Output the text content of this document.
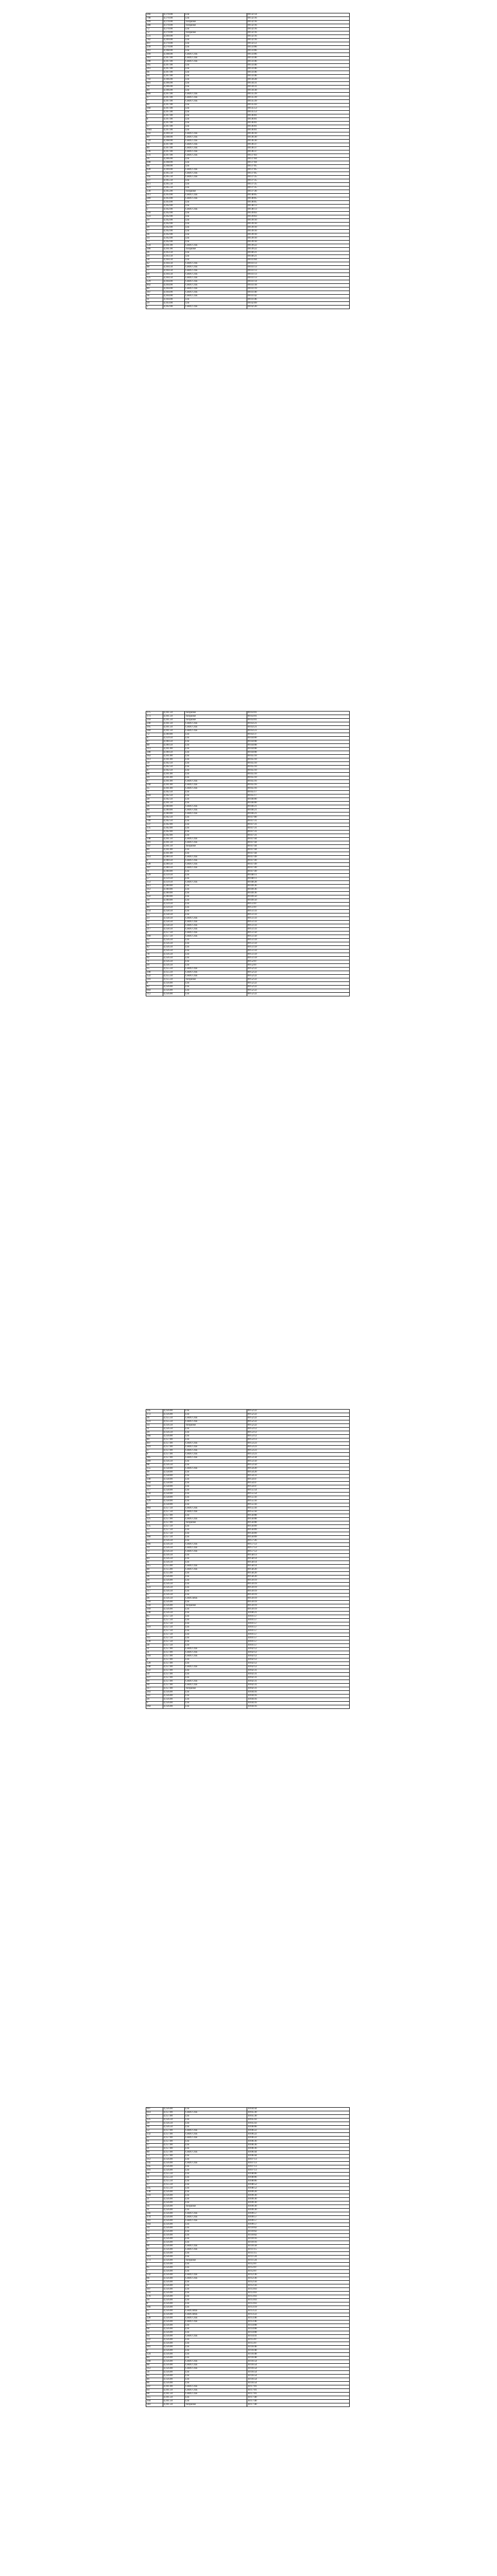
266	4,170.00	LSI	09:32:14
798	4,170.00	LSI	09:32:16
109	4,170.00	Turquoise	09:32:16
388	4,170.00	Turquoise	09:32:16
72	4,170.00	LSI	09:32:16
72	4,170.00	Turquoise	09:32:16
531	4,169.00	LSI	09:32:16
782	4,169.00	LSI	09:32:16
497	4,170.00	LSI	09:32:51
239	4,170.00	LSI	09:33:06
261	4,168.00	LSI	09:33:06
199	4,168.00	CHIX CXE	09:33:06
361	4,167.00	CHIX CXE	09:33:46
398	4,167.00	CHIX CXE	09:33:46
265	4,167.00	LSI	09:33:46
261	4,167.00	LSI	09:33:46
66	4,167.00	LSI	09:33:46
20	4,167.00	LSI	09:33:46
743	4,166.00	LSI	09:34:28
481	4,166.00	LSI	09:34:31
70	4,166.00	LSI	09:34:31
40	4,166.00	LSI	09:34:38
600	4,167.00	CHIX CXE	09:35:39
17	4,167.00	CHIX CXE	09:35:39
7	4,167.00	CHIX CXE	09:35:39
40	4,167.00	LSI	09:35:43
160	4,167.00	LSI	09:35:53
42	4,167.00	LSI	09:35:53
7	4,167.00	LSI	09:36:01
8	4,167.00	LSI	09:36:01
5	4,167.00	LSI	09:36:01
17	4,167.00	LSI	09:36:01
1041	4,167.00	LSI	09:36:01
143	4,169.50	CHIX CXE	09:36:10
49	4,168.00	CHIX CXE	09:36:30
724	4,168.00	CHIX CXE	09:36:30
78	4,167.00	CHIX CXE	09:36:37
40	4,167.00	CHIX CXE	09:36:37
236	4,167.00	CHIX CXE	09:36:37
131	4,167.00	CHIX CXE	09:37:03
26	4,166.00	LSI	09:37:04
698	4,168.00	LSI	09:37:04
48	4,168.00	LSI	09:37:05
628	4,169.00	CHIX CXE	09:37:05
27	4,165.50	CHIX CXE	09:37:05
145	4,165.50	CHIX CXE	09:37:35
227	4,165.50	LSI	09:37:35
411	4,165.50	LSI	09:37:35
121	4,165.50	LSI	09:37:35
130	4,165.00	Turquoise	09:37:36
211	4,163.00	CHIX CXE	09:38:05
289	4,163.00	CHIX CXE	09:38:05
13	4,163.00	LSI	09:38:05
27	4,162.00	LSI	09:38:13
5	4,162.00	CHIX CXE	09:38:13
118	4,162.00	LSI	09:39:03
123	4,162.00	LSI	09:39:03
39	4,162.00	LSI	09:39:10
5	4,162.00	LSI	09:39:10
20	4,162.00	LSI	09:39:10
17	4,162.00	LSI	09:39:10
36	4,162.00	LSI	09:39:10
14	4,162.00	LSI	09:39:10
13	4,162.00	LSI	09:39:10
124	4,161.00	CHIX CXE	09:39:22
306	4,161.00	Turquoise	09:39:22
26	4,163.50	LSI	09:40:21
29	4,163.50	LSI	09:40:21
58	4,164.50	LSI	09:41:04
42	4,164.50	CHIX CXE	09:41:13
48	4,164.50	CHIX CXE	09:41:13
77	4,164.50	CHIX CXE	09:41:13
29	4,164.50	CHIX CXE	09:41:13
125	4,164.50	CHIX CXE	09:41:13
129	4,164.00	CHIX CXE	09:41:14
402	4,164.00	CHIX CXE	09:41:18
40	4,164.00	CHIX CXE	09:41:19
167	4,164.00	CHIX CXE	09:41:40
36	4,164.00	CHIX CXE	09:41:42
11	4,164.00	LSI	09:41:46
29	4,163.00	LSI	09:42:09
5	4,162.00	CHIX CXE	09:42:20
375	4,161.50	Turquoise	09:43:01
173	4,161.50	Turquoise	09:43:01
218	4,161.50	Turquoise	09:43:01
240	4,161.50	CHIX CXE	09:43:21
195	4,161.50	CHIX CXE	09:43:21
184	4,161.50	CHIX CXE	09:43:23
72	4,160.00	LSI	09:43:37
47	4,159.50	LSI	09:44:00
47	4,160.50	LSI	09:44:08
48	4,160.50	LSI	09:44:08
113	4,161.00	LSI	09:44:08
188	4,160.50	LSI	09:44:08
163	4,161.00	LSI	09:45:10
113	4,161.00	LSI	09:45:10
59	4,162.50	LSI	09:45:10
62	4,162.50	LSI	09:45:10
47	4,162.50	LSI	09:45:10
98	4,161.00	LSI	09:45:10
24	4,161.00	LSI	09:45:10
47	4,161.00	CHIX CXE	09:45:16
244	4,161.00	CHIX CXE	09:45:16
35	4,161.00	CHIX CXE	09:45:16
11	4,162.50	LSI	09:45:17
618	4,162.50	LSI	09:45:17
28	4,162.50	LSI	09:46:00
98	4,161.50	LSI	09:46:00
26	4,160.00	CHIX CXE	09:46:21
48	4,160.00	CHIX CXE	09:46:21
13	4,160.00	CHIX CXE	09:46:21
149	4,162.50	LSI	09:47:00
700	4,162.50	LSI	09:47:31
137	4,162.00	LSI	09:47:31
135	4,162.00	LSI	09:47:31
12	4,162.00	LSI	09:47:31
7	4,162.00	LSI	09:47:31
148	4,161.50	CHIX CXE	09:47:44
181	4,161.50	CHIX CXE	09:47:44
347	4,161.50	Turquoise	09:47:44
80	4,161.00	LSI	09:47:44
13	4,161.00	LSI	09:47:44
114	4,160.50	CHIX CXE	09:47:49
9	4,160.50	CHIX CXE	09:47:49
128	4,160.50	CHIX CXE	09:47:49
107	4,160.50	CHIX CXE	09:47:49
11	4,160.00	LSI	09:47:49
129	4,159.50	LSI	09:48:11
57	4,159.50	LSI	09:48:11
153	4,159.50	CHIX CXE	09:48:28
611	4,160.00	LSI	09:49:36
112	4,160.00	LSI	09:49:36
28	4,160.00	LSI	09:49:36
122	4,160.00	LSI	09:49:50
18	4,160.00	LSI	09:49:50
72	4,159.50	LSI	09:51:07
40	4,159.50	LSI	09:51:07
254	4,158.50	LSI	09:51:33
55	4,158.50	LSI	09:51:33
23	4,158.50	CHIX CXE	09:51:33
22	4,158.50	CHIX CXE	09:51:33
31	4,158.50	CHIX CXE	09:51:33
217	4,158.50	CHIX CXE	09:51:33
9	4,157.50	CHIX CXE	09:51:50
109	4,157.50	CHIX CXE	09:51:50
62	4,156.50	LSI	09:51:59
35	4,156.50	LSI	09:51:59
42	4,156.50	LSI	09:51:59
17	4,156.50	LSI	09:51:59
78	4,156.50	LSI	09:51:59
92	4,156.50	LSI	09:51:59
71	4,156.50	LSI	09:52:07
20	4,156.50	LSI	09:52:07
35	4,155.50	CHIX CXE	09:52:22
108	4,155.50	CHIX CXE	09:52:22
122	4,155.50	CHIX CXE	09:52:22
316	4,155.50	Turquoise	09:52:22
8	4,156.00	LSI	09:52:22
42	4,156.00	LSI	09:52:22
664	4,156.00	LSI	09:52:22
112	4,156.00	LSI	09:52:22
145	4,156.00	LSI	09:52:22
172	4,156.00	LSI	09:52:22
26	4,155.50	CHIX CXE	09:52:22
123	4,155.50	CHIX CXE	09:52:22
14	4,156.50	Turquoise	09:52:22
11	4,156.50	LSI	09:53:12
29	4,156.50	LSI	09:53:12
366	4,156.00	LSI	09:53:12
40	4,157.00	LSI	09:53:13
407	4,157.00	CHIX CXE	09:53:23
119	4,157.00	CHIX CXE	09:53:23
37	4,157.00	CHIX CXE	09:53:23
8	4,157.00	CHIX CXE	09:53:23
185	4,157.00	CHIX CXE	09:53:34
289	4,156.50	LSI	09:53:50
98	4,156.50	LSI	09:53:50
155	4,158.00	CHIX CXE	09:54:20
99	4,158.00	LSI	09:54:20
45	4,158.00	LSI	09:54:33
140	4,158.00	LSI	09:54:47
164	4,158.00	LSI	09:54:47
141	4,158.00	LSI	09:54:47
117	4,158.00	LSI	09:55:54
134	4,158.00	LSI	09:55:54
34	4,158.00	LSI	09:55:56
129	4,158.00	LSI	09:55:56
6	4,158.00	LSI	09:55:56
964	4,157.50	CHIX CXE	09:55:56
28	4,157.50	CHIX CXE	09:55:56
24	4,157.00	LSI	09:56:08
125	4,157.00	CHIX CXE	09:56:08
34	4,157.00	Turquoise	09:56:08
135	4,157.50	LSI	09:56:09
33	4,157.50	LSI	09:56:09
15	4,157.50	LSI	09:56:09
300	4,157.50	LSI	09:56:09
25	4,156.50	LSI	09:57:26
166	4,156.50	CHIX CXE	09:57:53
14	4,156.50	CHIX CXE	09:57:53
72	4,156.50	CHIX CXE	09:57:53
7	4,156.50	LSI	09:58:13
44	4,156.50	LSI	09:58:14
41	4,156.50	LSI	09:58:14
215	4,155.00	CHIX CXE	09:58:14
48	4,155.00	CHIX CXE	09:58:20
83	4,155.00	LSI	09:58:20
36	4,156.00	LSI	09:58:20
26	4,156.00	LSI	09:59:19
33	4,156.50	LSI	09:59:19
123	4,156.50	LSI	09:59:19
117	4,156.50	LSI	09:59:19
67	4,156.50	LSI	09:59:19
26	4,156.50	CHIX BXE	09:59:19
118	4,156.00	LSI	09:59:19
118	4,156.00	Turquoise	09:59:19
169	4,156.00	LSI	09:59:19
140	4,156.50	LSI	10:00:21
85	4,157.50	LSI	10:01:57
21	4,157.50	LSI	10:01:57
37	4,157.50	LSI	10:01:57
119	4,157.50	LSI	10:01:57
1	4,157.50	LSI	10:01:57
55	4,157.50	LSI	10:01:57
111	4,157.50	LSI	10:01:57
130	4,157.50	LSI	10:01:57
28	4,157.50	LSI	10:01:57
31	4,157.00	CHIX CXE	10:02:12
31	4,157.00	CHIX CXE	10:02:12
110	4,157.00	CHIX CXE	10:02:12
4	4,157.00	LSI	10:02:12
128	4,157.00	LSI	10:02:12
248	4,157.00	CHIX CXE	10:02:12
122	4,157.00	LSI	10:02:31
50	4,157.00	LSI	10:02:31
227	4,157.00	LSI	10:02:31
99	4,157.00	CHIX CXE	10:02:31
30	4,157.00	CHIX CXE	10:02:31
117	4,157.00	Turquoise	10:02:31
203	4,156.00	LSI	10:04:16
111	4,156.00	LSI	10:04:16
26	4,156.00	LSI	10:04:16
6	4,156.00	LSI	10:04:16
264	4,156.00	LSI	10:04:16
697	4,156.00	LSI	10:04:44
614	4,157.00	CHIX CXE	10:05:30
17	4,157.00	LSI	10:05:30
125	4,156.50	LSI	10:05:43
29	4,156.50	LSI	10:05:43
18	4,156.50	LSI	10:06:06
52	4,157.00	CHIX CXE	10:06:22
132	4,157.00	CHIX CXE	10:06:22
25	4,157.00	CHIX CXE	10:06:22
61	4,157.00	LSI	10:06:36
27	4,157.00	LSI	10:06:36
21	4,157.00	LSI	10:06:36
80	4,157.00	CHIX CXE	10:06:44
73	4,157.00	LSI	10:06:44
112	4,156.00	LSI	10:07:13
145	4,156.00	CHIX CXE	10:07:13
145	4,156.00	LSI	10:07:13
101	4,156.00	LSI	10:07:13
28	4,155.50	LSI	10:08:06
11	4,155.50	LSI	10:08:06
13	4,155.50	LSI	10:08:06
17	4,155.50	LSI	10:08:52
145	4,155.50	LSI	10:08:52
138	4,156.00	LSI	10:09:20
110	4,156.00	LSI	10:09:30
21	4,156.00	LSI	10:09:30
22	4,156.00	LSI	10:09:30
16	4,156.00	Turquoise	10:09:30
11	4,156.00	LSI	10:09:30
166	4,156.00	CHIX CXE	10:09:57
174	4,156.00	CHIX CXE	10:09:57
181	4,156.00	CHIX CXE	10:09:57
164	4,156.00	LSI	10:09:57
34	4,156.00	LSI	10:10:02
72	4,156.00	LSI	10:10:02
93	4,156.00	LSI	10:10:02
19	4,156.00	LSI	10:10:16
3	4,156.00	LSI	10:10:16
66	4,156.00	CHIX CXE	10:10:58
47	4,156.00	CHIX CXE	10:11:15
7	4,156.00	LSI	10:11:15
113	4,156.00	LSI	10:11:24
173	4,156.00	Turquoise	10:11:24
7	4,156.00	LSI	10:12:07
65	4,156.00	LSI	10:12:07
5	4,156.00	LSI	10:12:07
132	4,156.00	CHIX CXE	10:12:36
66	4,156.00	CHIX CXE	10:12:36
31	4,156.00	LSI	10:12:56
2	4,156.00	LSI	10:12:56
107	4,156.00	LSI	10:13:03
116	4,156.00	LSI	10:13:03
176	4,156.00	LSI	10:13:03
18	4,156.00	LSI	10:13:03
8	4,156.00	LSI	10:13:03
166	4,156.00	LSI	10:13:19
67	4,156.00	CHIX BXE	10:13:22
76	4,156.00	CHIX BXE	10:13:22
228	4,156.00	CHIX CXE	10:13:46
94	4,156.00	CHIX CXE	10:13:46
177	4,156.00	LSI	10:14:08
68	4,156.00	LSI	10:14:08
12	4,156.00	LSI	10:14:08
64	4,156.00	CHIX CXE	10:14:41
222	4,156.00	LSI	10:15:07
23	4,156.00	LSI	10:15:07
201	4,156.00	LSI	10:16:46
9	4,156.00	LSI	10:16:48
124	4,156.00	LSI	10:16:48
84	4,156.00	LSI	10:16:48
168	4,156.00	CHIX CXE	10:16:54
48	4,156.00	CHIX CXE	10:16:54
112	4,156.00	CHIX CXE	10:16:54
56	4,156.00	LSI	10:16:54
95	4,156.00	LSI	10:16:54
46	4,156.00	LSI	10:16:54
86	4,156.00	LSI	10:16:54
247	4,161.00	CHIX CXE	10:17:01
64	4,161.50	CHIX CXE	10:17:01
68	4,161.50	CHIX CXE	10:17:01
115	4,161.50	LSI	10:17:40
104	4,161.50	LSI	10:17:40
583	4,161.50	Turquoise	10:17:40
